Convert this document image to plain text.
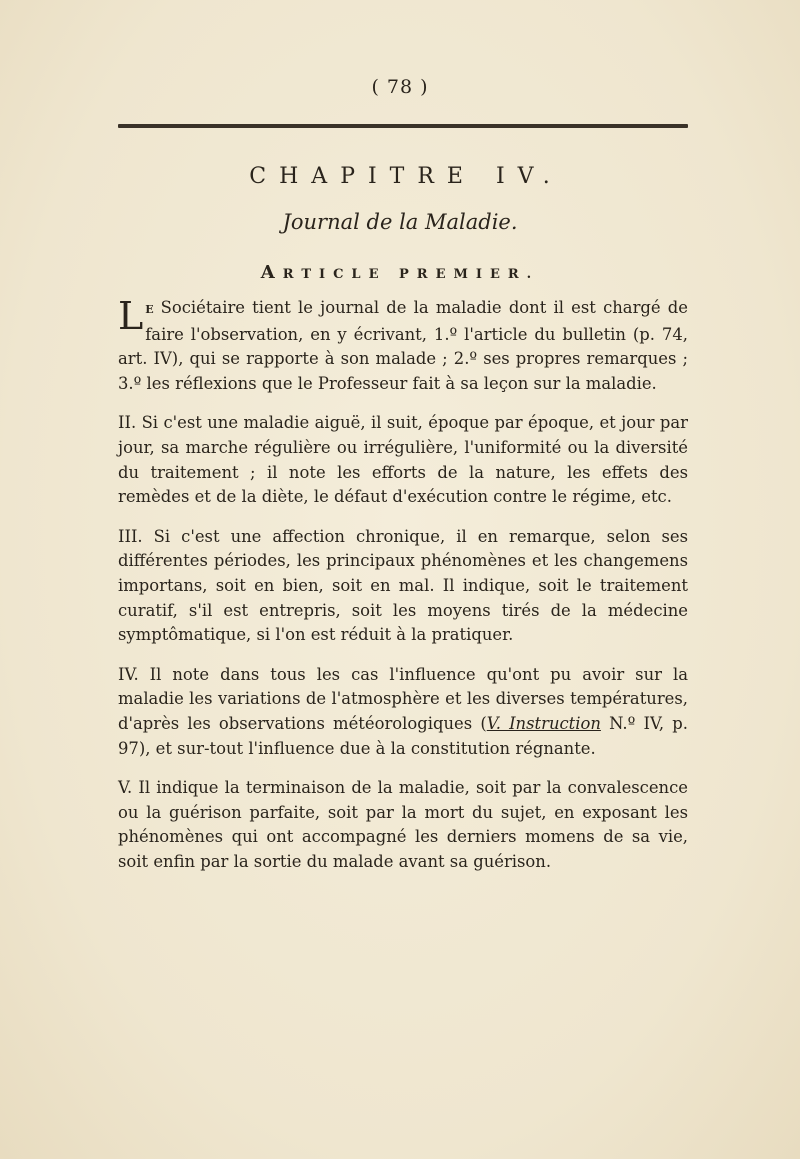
( 78 )
CHAPITRE IV.
Journal de la Maladie.
ARTICLE PREMIER.

L E Sociétaire tient le journal de la maladie dont il est chargé de faire l'observation, en y écrivant, 1.º l'article du bulletin (p. 74, art. IV), qui se rapporte à son malade ; 2.º ses propres remarques ; 3.º les réflexions que le Professeur fait à sa leçon sur la maladie.

II. Si c'est une maladie aiguë, il suit, époque par époque, et jour par jour, sa marche régulière ou irrégulière, l'uniformité ou la diversité du traitement ; il note les efforts de la nature, les effets des remèdes et de la diète, le défaut d'exécution contre le régime, etc.

III. Si c'est une affection chronique, il en remarque, selon ses différentes périodes, les principaux phénomènes et les changemens importans, soit en bien, soit en mal. Il indique, soit le traitement curatif, s'il est entrepris, soit les moyens tirés de la médecine symptômatique, si l'on est réduit à la pratiquer.

IV. Il note dans tous les cas l'influence qu'ont pu avoir sur la maladie les variations de l'atmosphère et les diverses températures, d'après les observations météorologiques (V. Instruction N.º IV, p. 97), et sur-tout l'influence due à la constitution régnante.

V. Il indique la terminaison de la maladie, soit par la convalescence ou la guérison parfaite, soit par la mort du sujet, en exposant les phénomènes qui ont accompagné les derniers momens de sa vie, soit enfin par la sortie du malade avant sa guérison.
